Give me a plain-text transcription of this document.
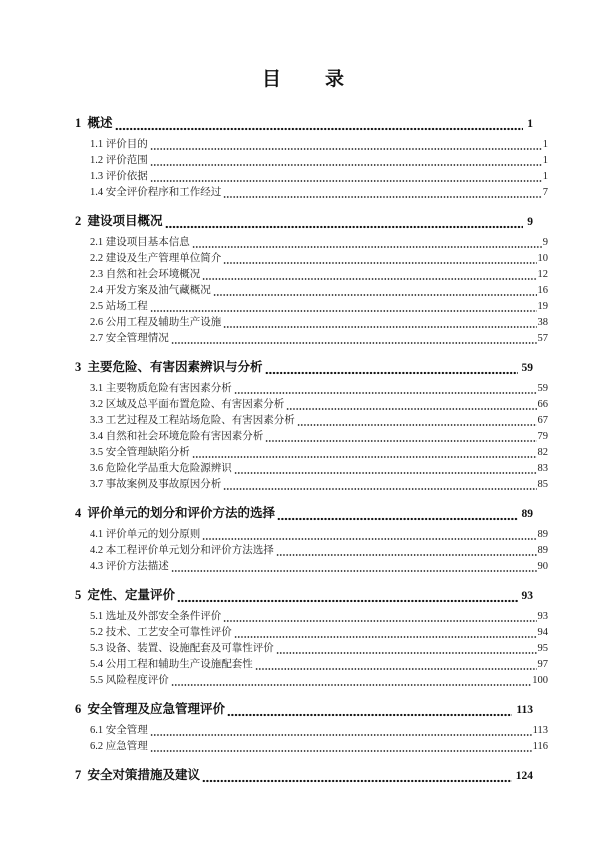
目　　录
1  概述	1
1.1 评价目的	1
1.2 评价范围	1
1.3 评价依据	1
1.4 安全评价程序和工作经过	7
2  建设项目概况	9
2.1 建设项目基本信息	9
2.2 建设及生产管理单位简介	10
2.3 自然和社会环境概况	12
2.4 开发方案及油气藏概况	16
2.5 站场工程	19
2.6 公用工程及辅助生产设施	38
2.7 安全管理情况	57
3  主要危险、有害因素辨识与分析	59
3.1 主要物质危险有害因素分析	59
3.2 区域及总平面布置危险、有害因素分析	66
3.3 工艺过程及工程站场危险、有害因素分析	67
3.4 自然和社会环境危险有害因素分析	79
3.5 安全管理缺陷分析	82
3.6 危险化学品重大危险源辨识	83
3.7 事故案例及事故原因分析	85
4  评价单元的划分和评价方法的选择	89
4.1 评价单元的划分原则	89
4.2 本工程评价单元划分和评价方法选择	89
4.3 评价方法描述	90
5  定性、定量评价	93
5.1 选址及外部安全条件评价	93
5.2 技术、工艺安全可靠性评价	94
5.3 设备、装置、设施配套及可靠性评价	95
5.4 公用工程和辅助生产设施配套性	97
5.5 风险程度评价	100
6  安全管理及应急管理评价	113
6.1 安全管理	113
6.2 应急管理	116
7  安全对策措施及建议	124
